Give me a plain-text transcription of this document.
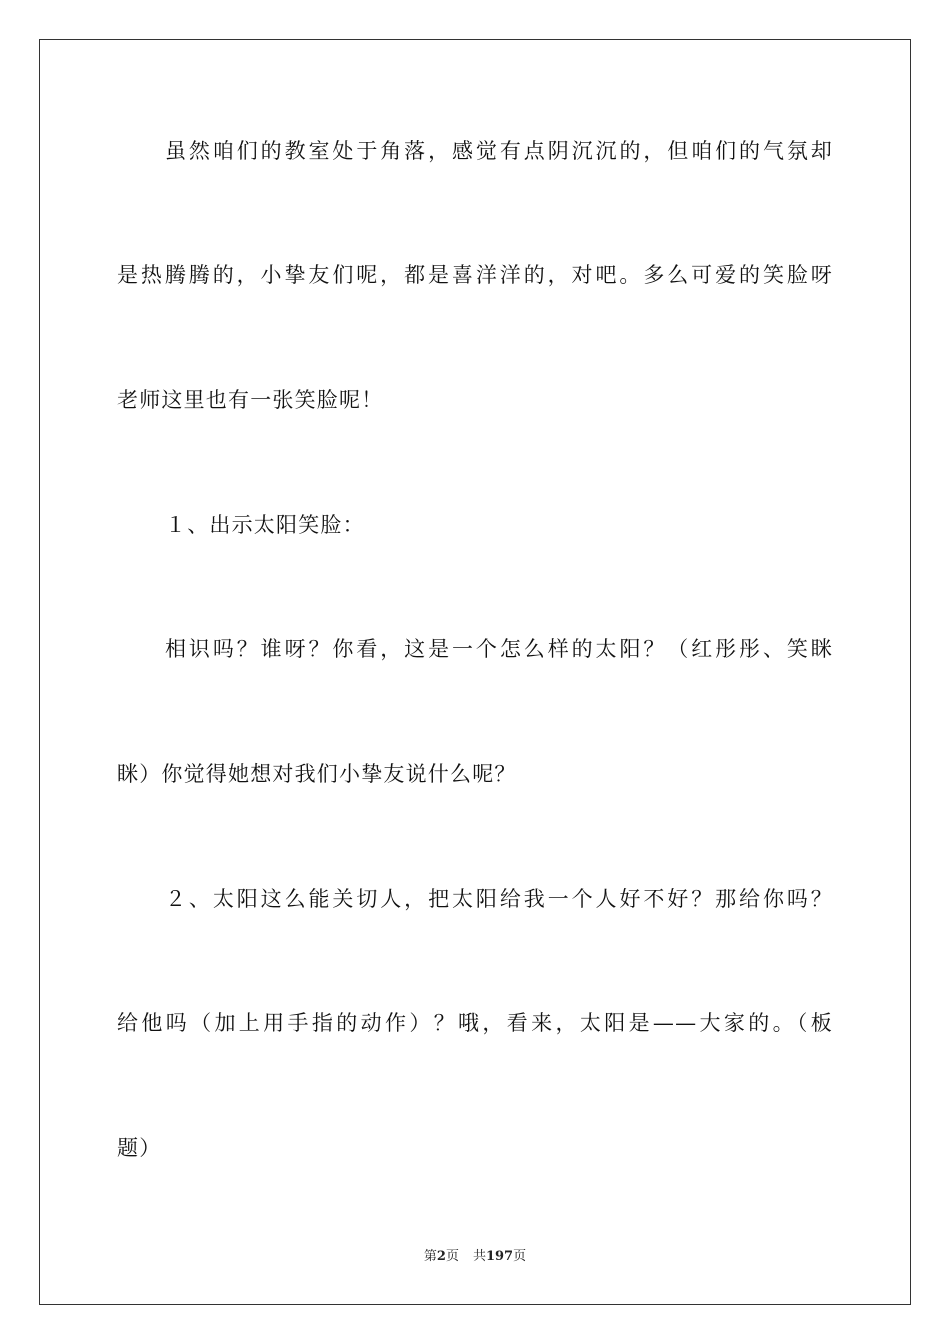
虽然咱们的教室处于角落，感觉有点阴沉沉的，但咱们的气氛却
是热腾腾的，小挚友们呢，都是喜洋洋的，对吧。多么可爱的笑脸呀
老师这里也有一张笑脸呢！
１、出示太阳笑脸：
相识吗？谁呀？你看，这是一个怎么样的太阳？（红彤彤、笑眯
眯）你觉得她想对我们小挚友说什么呢？
２、太阳这么能关切人，把太阳给我一个人好不好？那给你吗？
给他吗（加上用手指的动作）？哦，看来，太阳是——大家的。（板
题）
第2页 共197页
